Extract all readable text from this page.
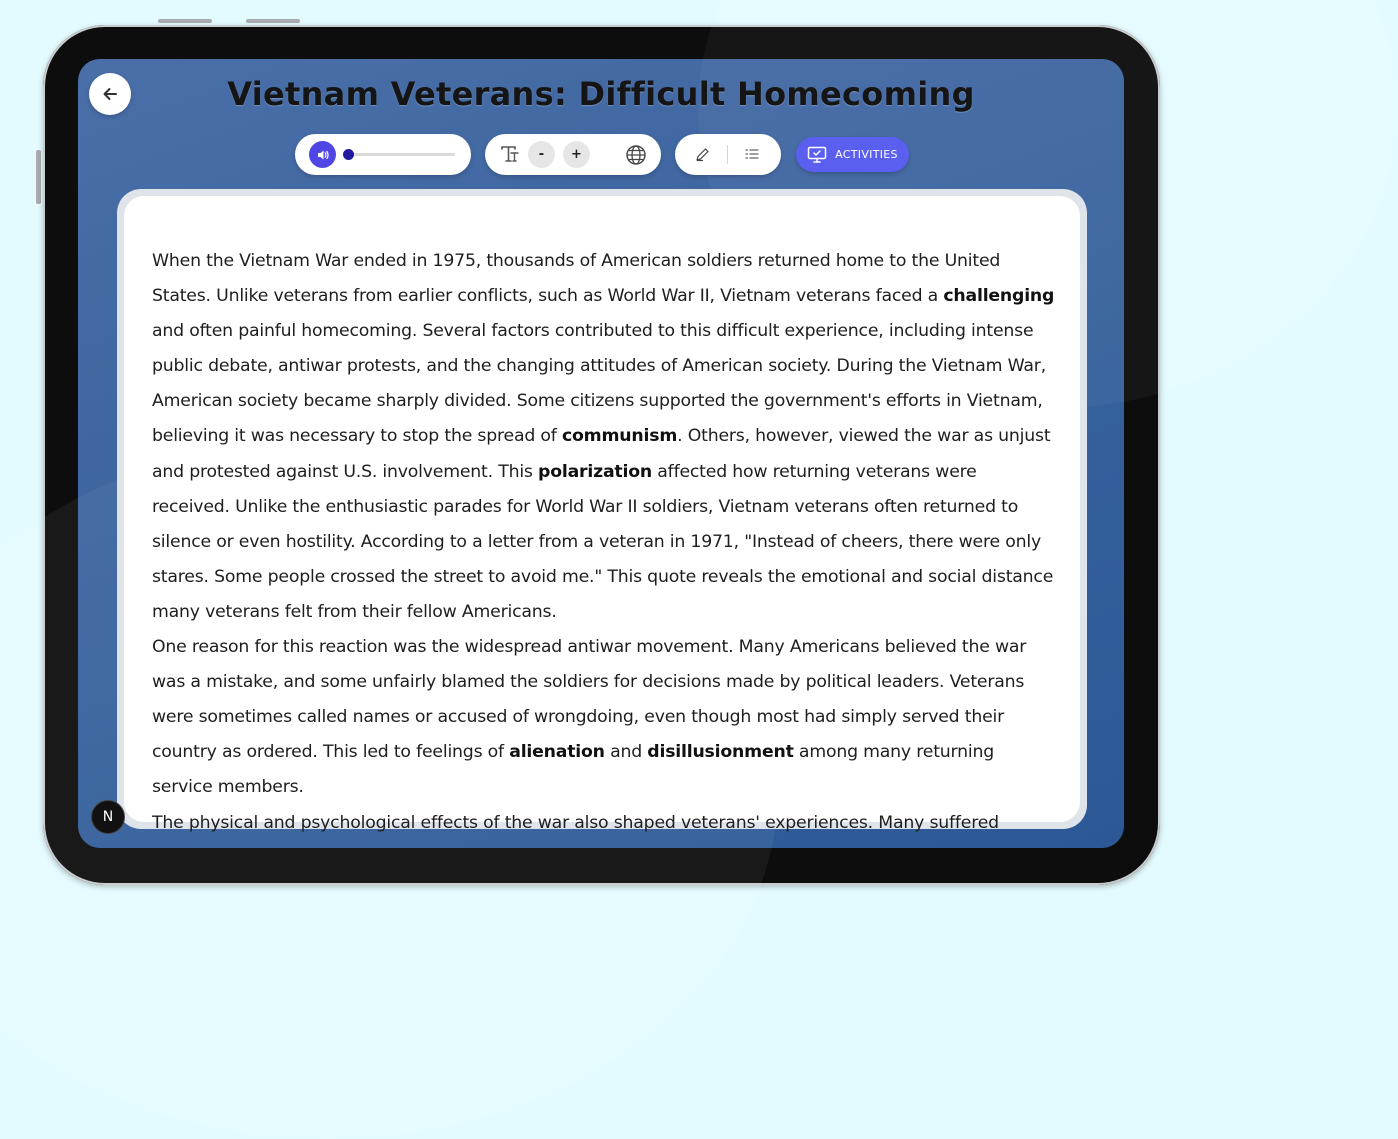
Vietnam Veterans: Difficult Homecoming
-	+	ACTIVITIES
When the Vietnam War ended in 1975, thousands of American soldiers returned home to the United States. Unlike veterans from earlier conflicts, such as World War II, Vietnam veterans faced a challenging and often painful homecoming. Several factors contributed to this difficult experience, including intense public debate, antiwar protests, and the changing attitudes of American society. During the Vietnam War, American society became sharply divided. Some citizens supported the government's efforts in Vietnam, believing it was necessary to stop the spread of communism. Others, however, viewed the war as unjust and protested against U.S. involvement. This polarization affected how returning veterans were received. Unlike the enthusiastic parades for World War II soldiers, Vietnam veterans often returned to silence or even hostility. According to a letter from a veteran in 1971, "Instead of cheers, there were only stares. Some people crossed the street to avoid me." This quote reveals the emotional and social distance many veterans felt from their fellow Americans.
One reason for this reaction was the widespread antiwar movement. Many Americans believed the war was a mistake, and some unfairly blamed the soldiers for decisions made by political leaders. Veterans were sometimes called names or accused of wrongdoing, even though most had simply served their country as ordered. This led to feelings of alienation and disillusionment among many returning service members.
The physical and psychological effects of the war also shaped veterans' experiences. Many suffered
N
